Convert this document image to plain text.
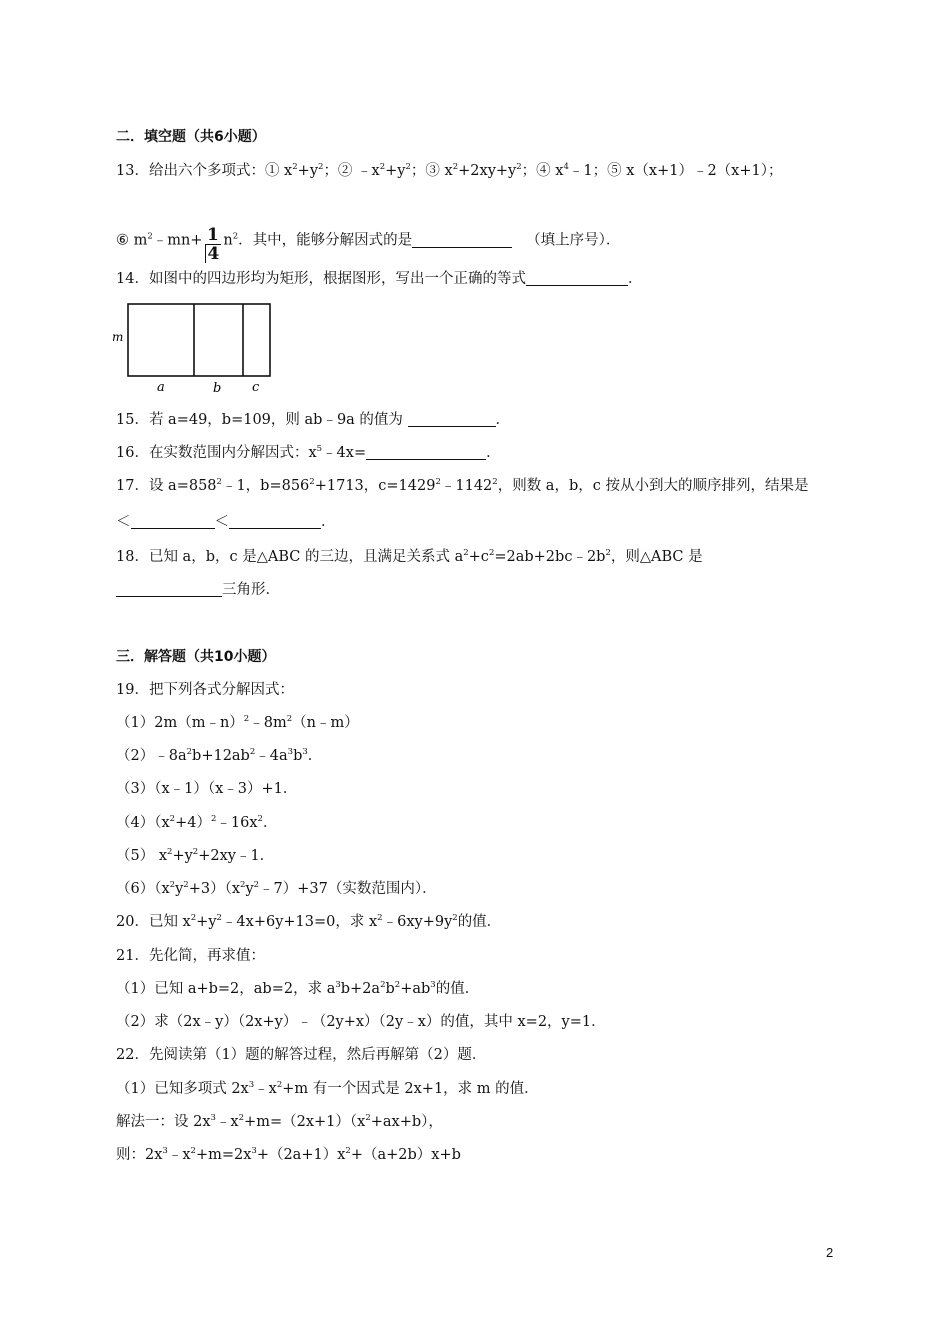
二．填空题（共6小题）
13．给出六个多项式：① $x^2+y^2$；② $﹣x^2+y^2$；③ $x^2+2xy+y^2$；④ $x^4﹣1$；⑤ x（x+1）﹣2（x+1）；
⑥ $m^2﹣mn+ \frac{1}{4} n^2$．其中，能够分解因式的是	（填上序号）．
14．如图中的四边形均为矩形，根据图形，写出一个正确的等式	．
m
a	b c
15．若 a=49，b=109，则 ab﹣9a 的值为	．
16．在实数范围内分解因式：$x^5﹣4x=$	．
17．设 $a=858^2﹣1$，$b=856^2+1713$，$c=1429^2﹣1142^2$，则数 a，b，c 按从小到大的顺序排列，结果是
＜	＜	．
18．已知 a，b，c 是△ABC 的三边，且满足关系式 $a^2+c^2=2ab+2bc﹣2b^2$，则△ABC 是
三角形．
三．解答题（共10小题）
19．把下列各式分解因式：
$(1)2m(m﹣n)^2﹣8m^2(n﹣m)$
$(2)﹣8a^2b+12ab^2﹣4a^3b^3$．
（3）（x﹣1）（x﹣3）+1．
$(4)(x^2+4)^2﹣16x^2$．
（5） $x^2+y^2+2xy﹣1$．
$(6)(x^2y^2+3)(x^2y^2﹣7)+37$（实数范围内）．
20．已知 $x^2+y^2﹣4x+6y+13=0$，求 $x^2﹣6xy+9y^2$的值．
21．先化简，再求值：
（1）已知 a+b=2，ab=2，求 $a^3b+2a^2b^2+ab^3$的值．
（2）求（2x﹣y）（2x+y）﹣（2y+x）（2y﹣x）的值，其中 x=2，y=1．
22．先阅读第（1）题的解答过程，然后再解第（2）题．
（1）已知多项式 $2x^3﹣x^2+m$ 有一个因式是 2x+1，求 m 的值．
解法一：设 $2x^3﹣x^2+m=(2x+1)(x^2+ax+b)$，
则：$2x^3﹣x^2+m=2x^3+(2a+1)x^2+(a+2b)x+b$
2
